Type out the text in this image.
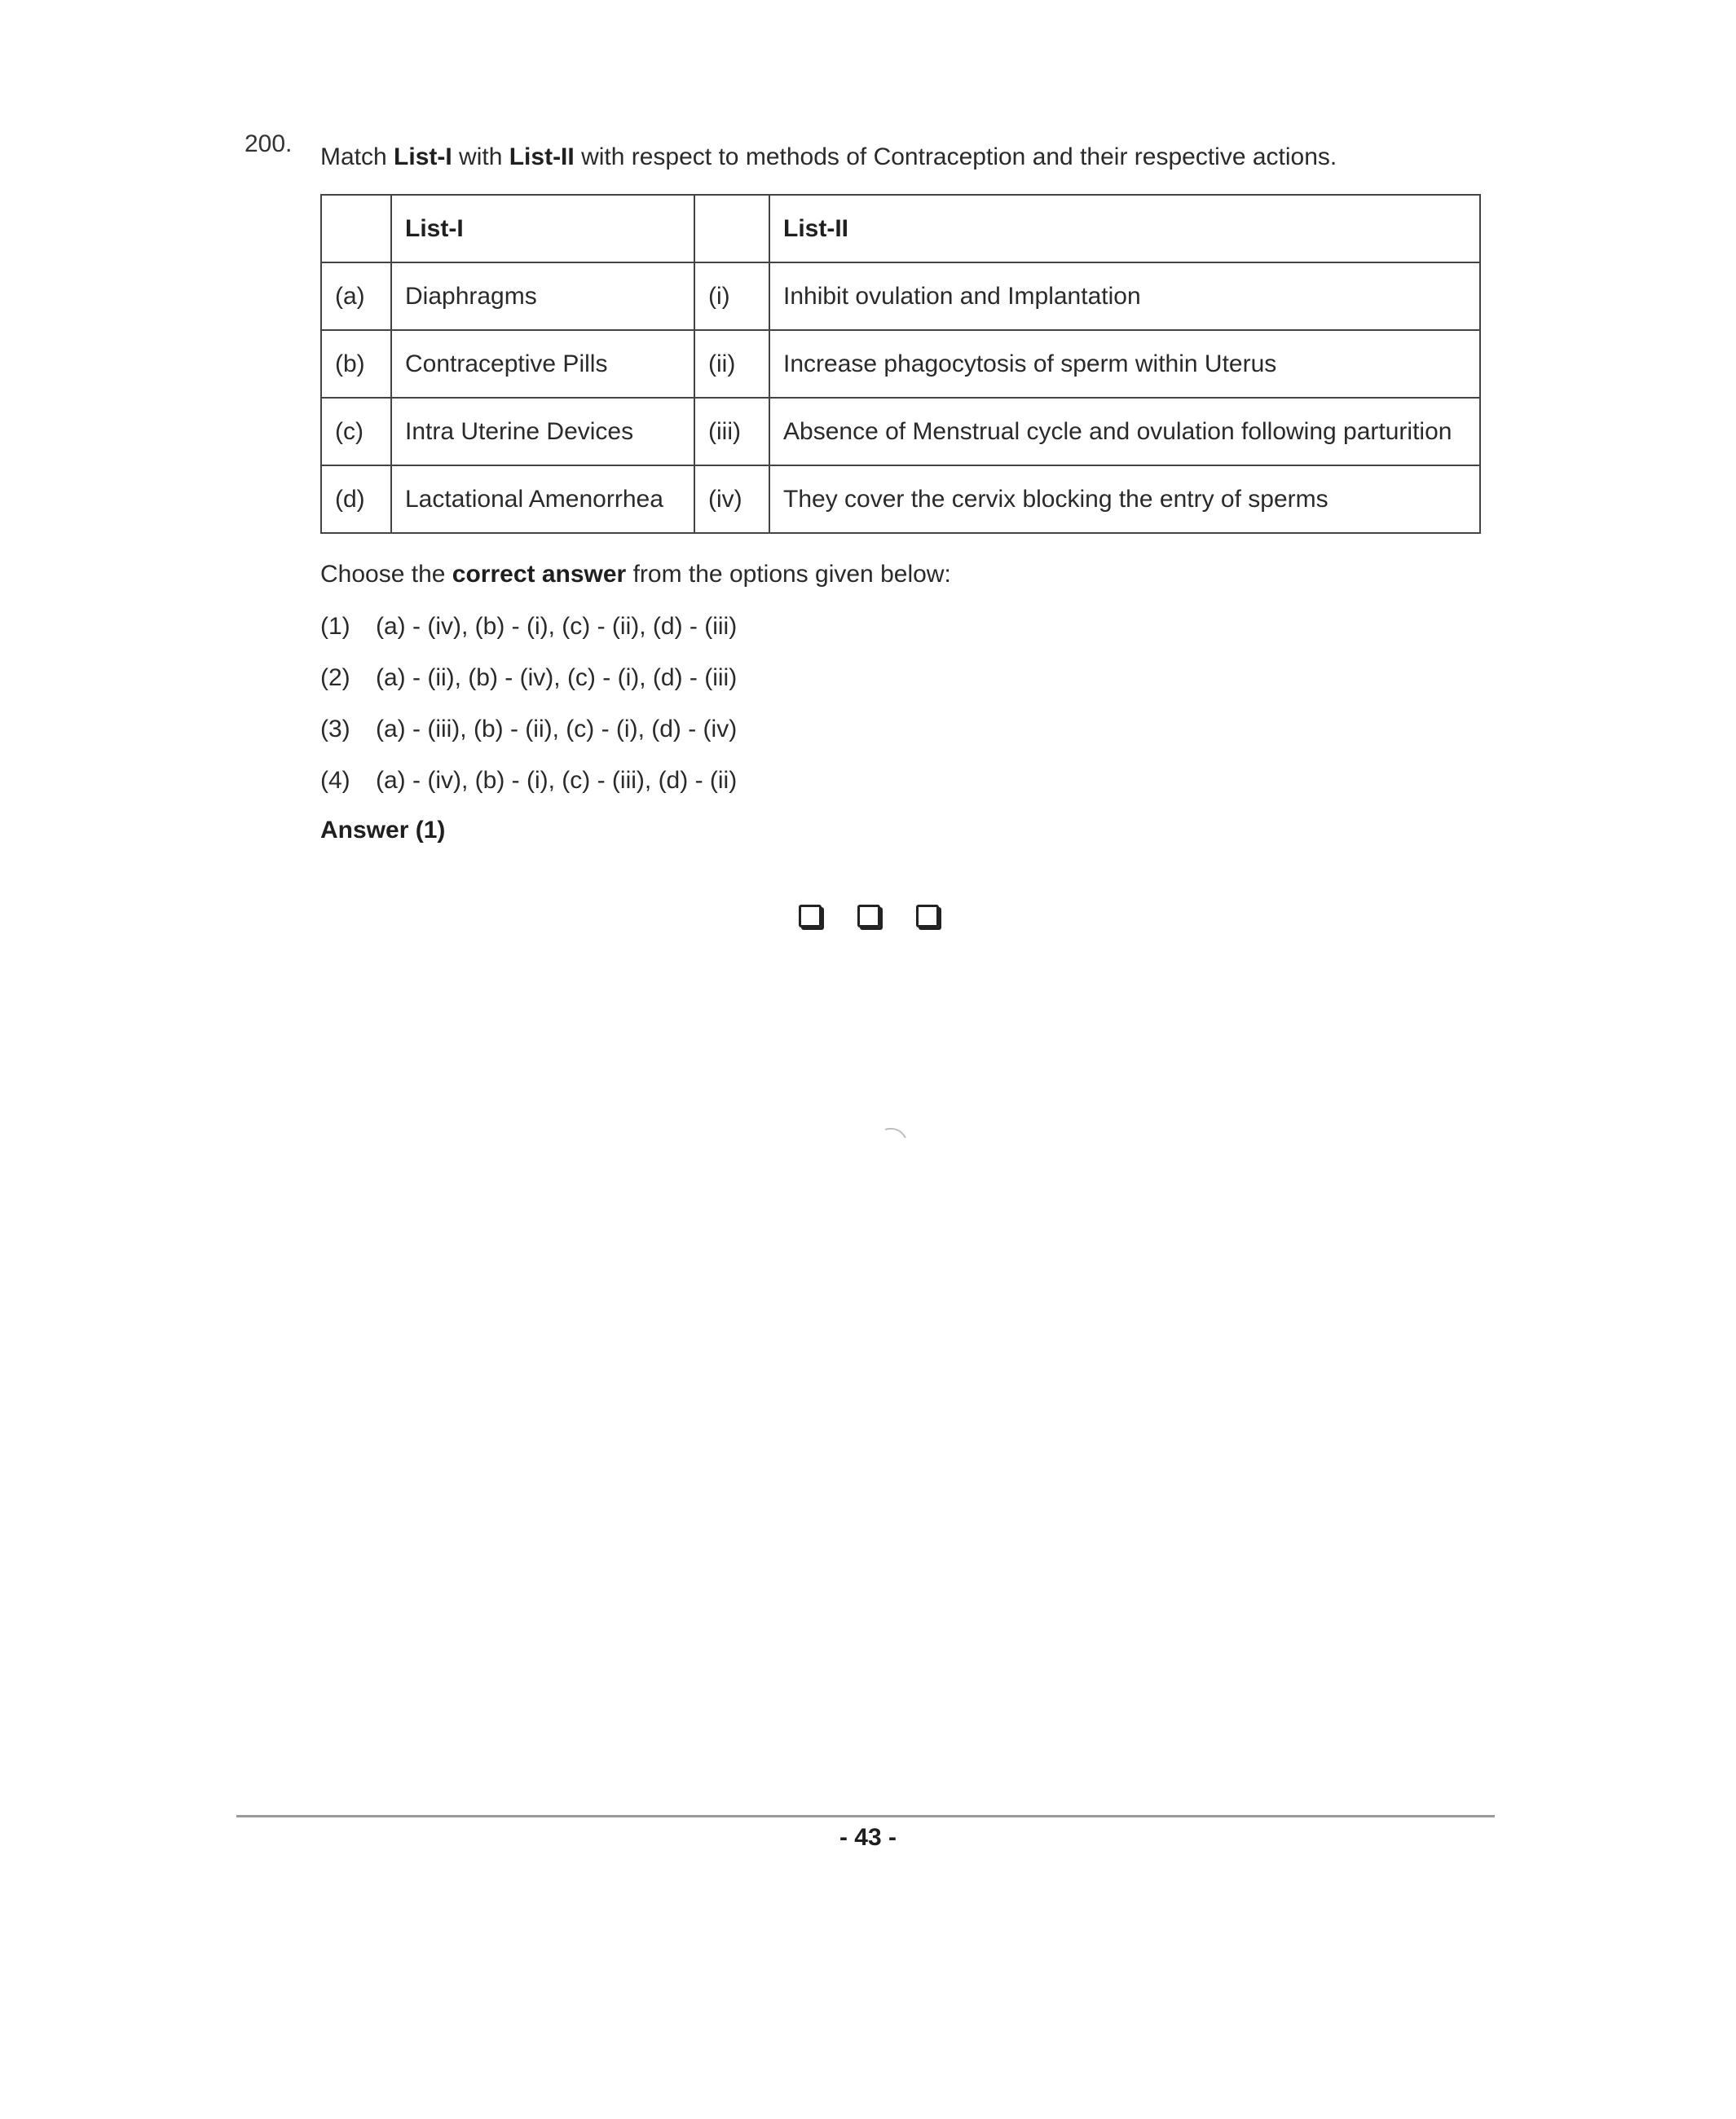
200. Match List-I with List-II with respect to methods of Contraception and their respective actions.
	List-I		List-II
(a)	Diaphragms	(i)	Inhibit ovulation and Implantation
(b)	Contraceptive Pills	(ii)	Increase phagocytosis of sperm within Uterus
(c)	Intra Uterine Devices	(iii)	Absence of Menstrual cycle and ovulation following parturition
(d)	Lactational Amenorrhea	(iv)	They cover the cervix blocking the entry of sperms
Choose the correct answer from the options given below:
(1) (a) - (iv), (b) - (i), (c) - (ii), (d) - (iii)
(2) (a) - (ii), (b) - (iv), (c) - (i), (d) - (iii)
(3) (a) - (iii), (b) - (ii), (c) - (i), (d) - (iv)
(4) (a) - (iv), (b) - (i), (c) - (iii), (d) - (ii)
Answer (1)
- 43 -
